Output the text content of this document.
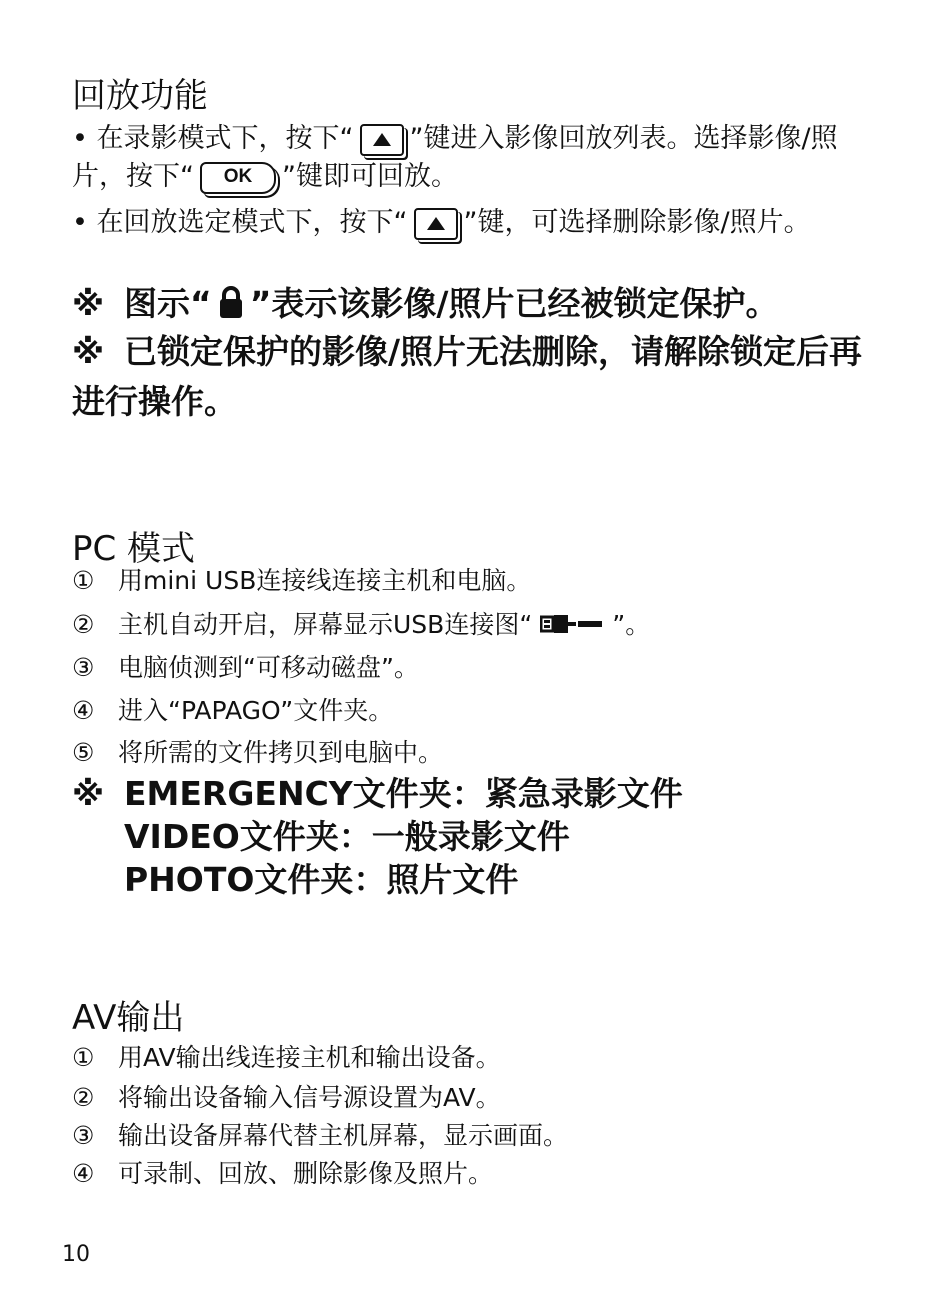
回放功能

• 在录影模式下，按下“ ”键进入影像回放列表。选择影像/照片，按下“	OK	”键即可回放。

• 在回放选定模式下，按下“ ”键，可选择删除影像/照片。

※ 图示“ ”表示该影像/照片已经被锁定保护。

※ 已锁定保护的影像/照片无法删除，请解除锁定后再进行操作。

PC 模式
① 用mini USB连接线连接主机和电脑。
② 主机自动开启，屏幕显示USB连接图“	”。
③ 电脑侦测到“可移动磁盘”。
④ 进入“PAPAGO”文件夹。
⑤ 将所需的文件拷贝到电脑中。
※ EMERGENCY文件夹：紧急录影文件
VIDEO文件夹：一般录影文件
PHOTO文件夹：照片文件
AV输出
① 用AV输出线连接主机和输出设备。
② 将输出设备输入信号源设置为AV。
③ 输出设备屏幕代替主机屏幕，显示画面。
④ 可录制、回放、删除影像及照片。
10
